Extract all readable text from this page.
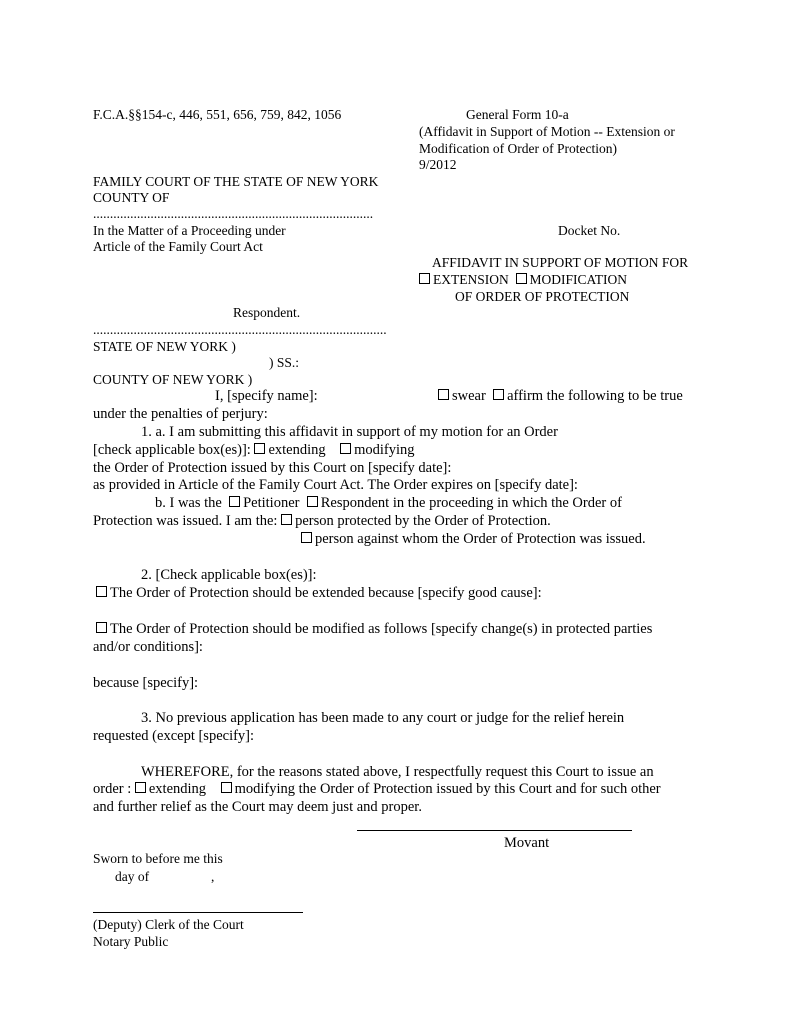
F.C.A.§§154-c, 446, 551, 656, 759, 842, 1056	General Form 10-a
(Affidavit in Support of Motion -- Extension or
Modification of Order of Protection)
9/2012
FAMILY COURT OF THE STATE OF NEW YORK
COUNTY OF
...................................................................................
In the Matter of a Proceeding under
Article of the Family Court Act
Docket No.
AFFIDAVIT IN SUPPORT OF MOTION FOR
EXTENSION MODIFICATION
OF ORDER OF PROTECTION
Respondent.
.......................................................................................
STATE OF NEW YORK )
) SS.:
COUNTY OF NEW YORK )
I, [specify name]:	swear affirm the following to be true
under the penalties of perjury:
1. a. I am submitting this affidavit in support of my motion for an Order
[check applicable box(es)]: extending modifying
the Order of Protection issued by this Court on [specify date]:
as provided in Article of the Family Court Act. The Order expires on [specify date]:
b. I was the Petitioner Respondent in the proceeding in which the Order of
Protection was issued. I am the: person protected by the Order of Protection.
person against whom the Order of Protection was issued.
2. [Check applicable box(es)]:
The Order of Protection should be extended because [specify good cause]:
The Order of Protection should be modified as follows [specify change(s) in protected parties
and/or conditions]:
because [specify]:
3. No previous application has been made to any court or judge for the relief herein
requested (except [specify]:
WHEREFORE, for the reasons stated above, I respectfully request this Court to issue an
order : extending modifying the Order of Protection issued by this Court and for such other
and further relief as the Court may deem just and proper.
Movant
Sworn to before me this
day of	,
(Deputy) Clerk of the Court
Notary Public
